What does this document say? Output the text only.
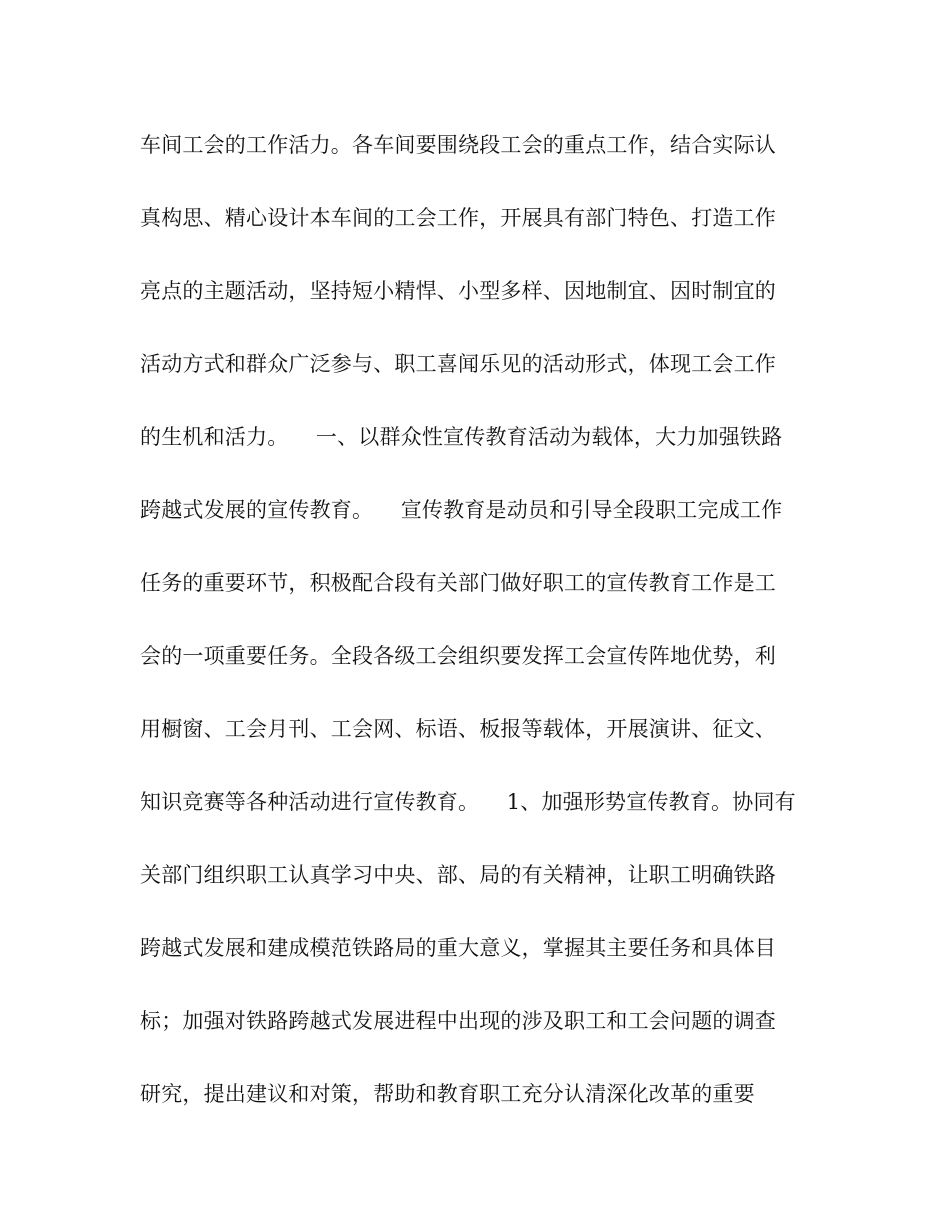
车间工会的工作活力。各车间要围绕段工会的重点工作，结合实际认
真构思、精心设计本车间的工会工作，开展具有部门特色、打造工作
亮点的主题活动，坚持短小精悍、小型多样、因地制宜、因时制宜的
活动方式和群众广泛参与、职工喜闻乐见的活动形式，体现工会工作
的生机和活力。    一、以群众性宣传教育活动为载体，大力加强铁路
跨越式发展的宣传教育。    宣传教育是动员和引导全段职工完成工作
任务的重要环节，积极配合段有关部门做好职工的宣传教育工作是工
会的一项重要任务。全段各级工会组织要发挥工会宣传阵地优势，利
用橱窗、工会月刊、工会网、标语、板报等载体，开展演讲、征文、
知识竞赛等各种活动进行宣传教育。    1、加强形势宣传教育。协同有
关部门组织职工认真学习中央、部、局的有关精神，让职工明确铁路
跨越式发展和建成模范铁路局的重大意义，掌握其主要任务和具体目
标；加强对铁路跨越式发展进程中出现的涉及职工和工会问题的调查
研究，提出建议和对策，帮助和教育职工充分认清深化改革的重要
